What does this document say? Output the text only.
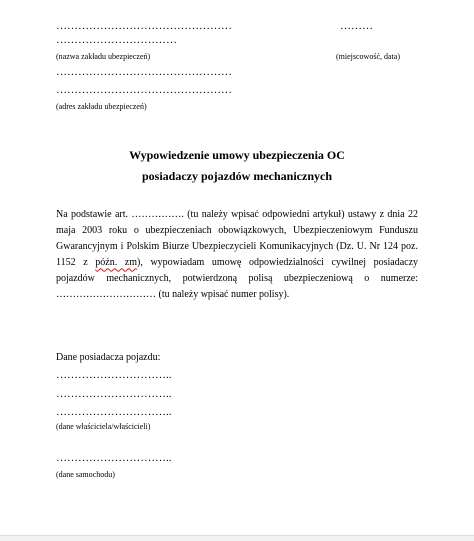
…………………………………………
……………………………
(nazwa zakładu ubezpieczeń)
………
(miejscowość, data)
…………………………………………
…………………………………………
(adres zakładu ubezpieczeń)
Wypowiedzenie umowy ubezpieczenia OC
posiadaczy pojazdów mechanicznych
Na podstawie art. ……………. (tu należy wpisać odpowiedni artykuł) ustawy z dnia 22 maja 2003 roku o ubezpieczeniach obowiązkowych, Ubezpieczeniowym Funduszu Gwarancyjnym i Polskim Biurze Ubezpieczycieli Komunikacyjnych (Dz. U. Nr 124 poz. 1152 z późn. zm), wypowiadam umowę odpowiedzialności cywilnej posiadaczy pojazdów mechanicznych, potwierdzoną polisą ubezpieczeniową o numerze: ………………………… (tu należy wpisać numer polisy).
Dane posiadacza pojazdu:
…………………………..
…………………………..
…………………………..
(dane właściciela/właścicieli)
…………………………..
(dane samochodu)
